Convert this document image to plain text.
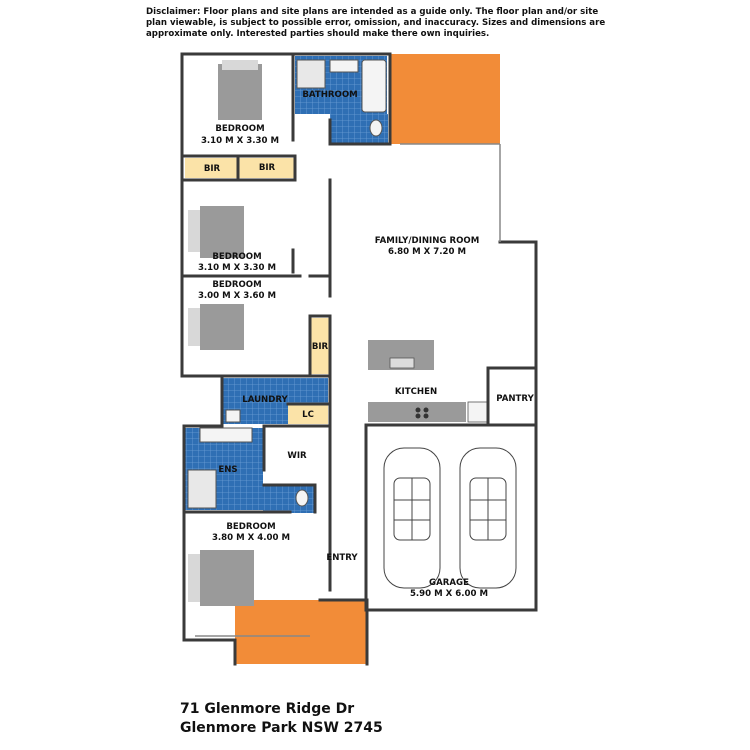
Disclaimer: Floor plans and site plans are intended as a guide only. The floor plan and/or site plan viewable, is subject to possible error, omission, and inaccuracy. Sizes and dimensions are approximate only. Interested parties should make there own inquiries.
BATHROOM
BEDROOM
3.10 M X 3.30 M
BIR	BIR
BEDROOM
3.10 M X 3.30 M
BEDROOM
3.00 M X 3.60 M
BIR
FAMILY/DINING ROOM
6.80 M X 7.20 M
KITCHEN
PANTRY
LAUNDRY
LC
ENS
WIR
BEDROOM
3.80 M X 4.00 M
ENTRY
GARAGE
5.90 M X 6.00 M
71 Glenmore Ridge Dr
Glenmore Park NSW 2745
